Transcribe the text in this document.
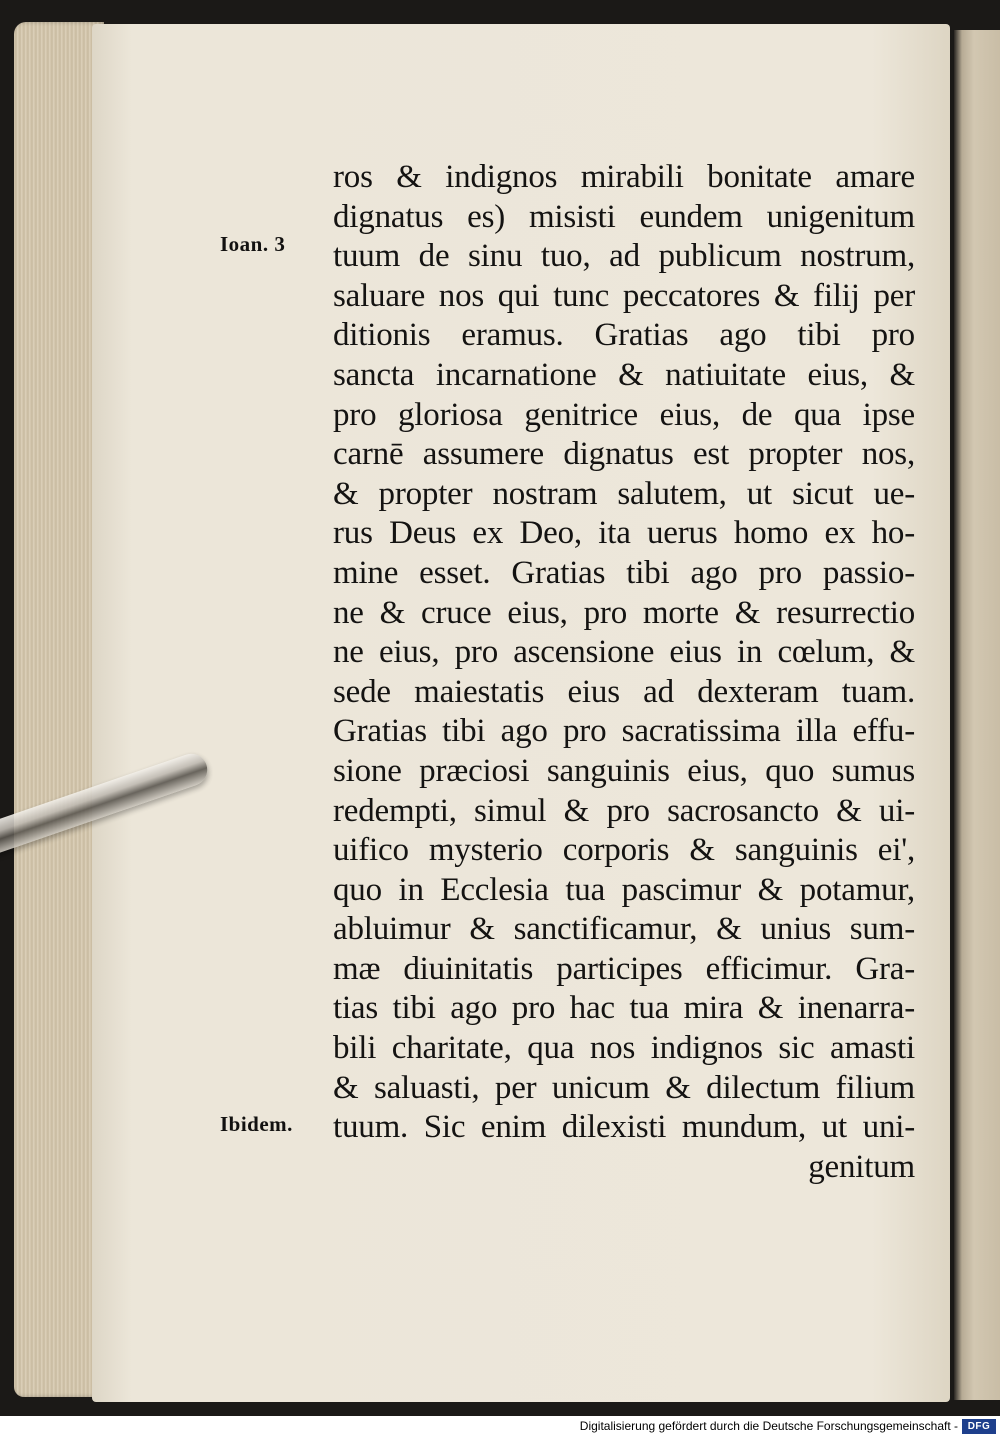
Ioan. 3
Ibidem.
ros & indignos mirabili bonitate amare
dignatus es) misisti eundem unigenitum
tuum de sinu tuo, ad publicum nostrum,
saluare nos qui tunc peccatores & filij per
ditionis eramus. Gratias ago tibi pro
sancta incarnatione & natiuitate eius, &
pro gloriosa genitrice eius, de qua ipse
carnē assumere dignatus est propter nos,
& propter nostram salutem, ut sicut ue-
rus Deus ex Deo, ita uerus homo ex ho-
mine esset. Gratias tibi ago pro passio-
ne & cruce eius, pro morte & resurrectio
ne eius, pro ascensione eius in cœlum, &
sede maiestatis eius ad dexteram tuam.
Gratias tibi ago pro sacratissima illa effu-
sione præciosi sanguinis eius, quo sumus
redempti, simul & pro sacrosancto & ui-
uifico mysterio corporis & sanguinis ei',
quo in Ecclesia tua pascimur & potamur,
abluimur & sanctificamur, & unius sum-
mæ diuinitatis participes efficimur. Gra-
tias tibi ago pro hac tua mira & inenarra-
bili charitate, qua nos indignos sic amasti
& saluasti, per unicum & dilectum filium
tuum. Sic enim dilexisti mundum, ut uni-
genitum
Digitalisierung gefördert durch die Deutsche Forschungsgemeinschaft - DFG
